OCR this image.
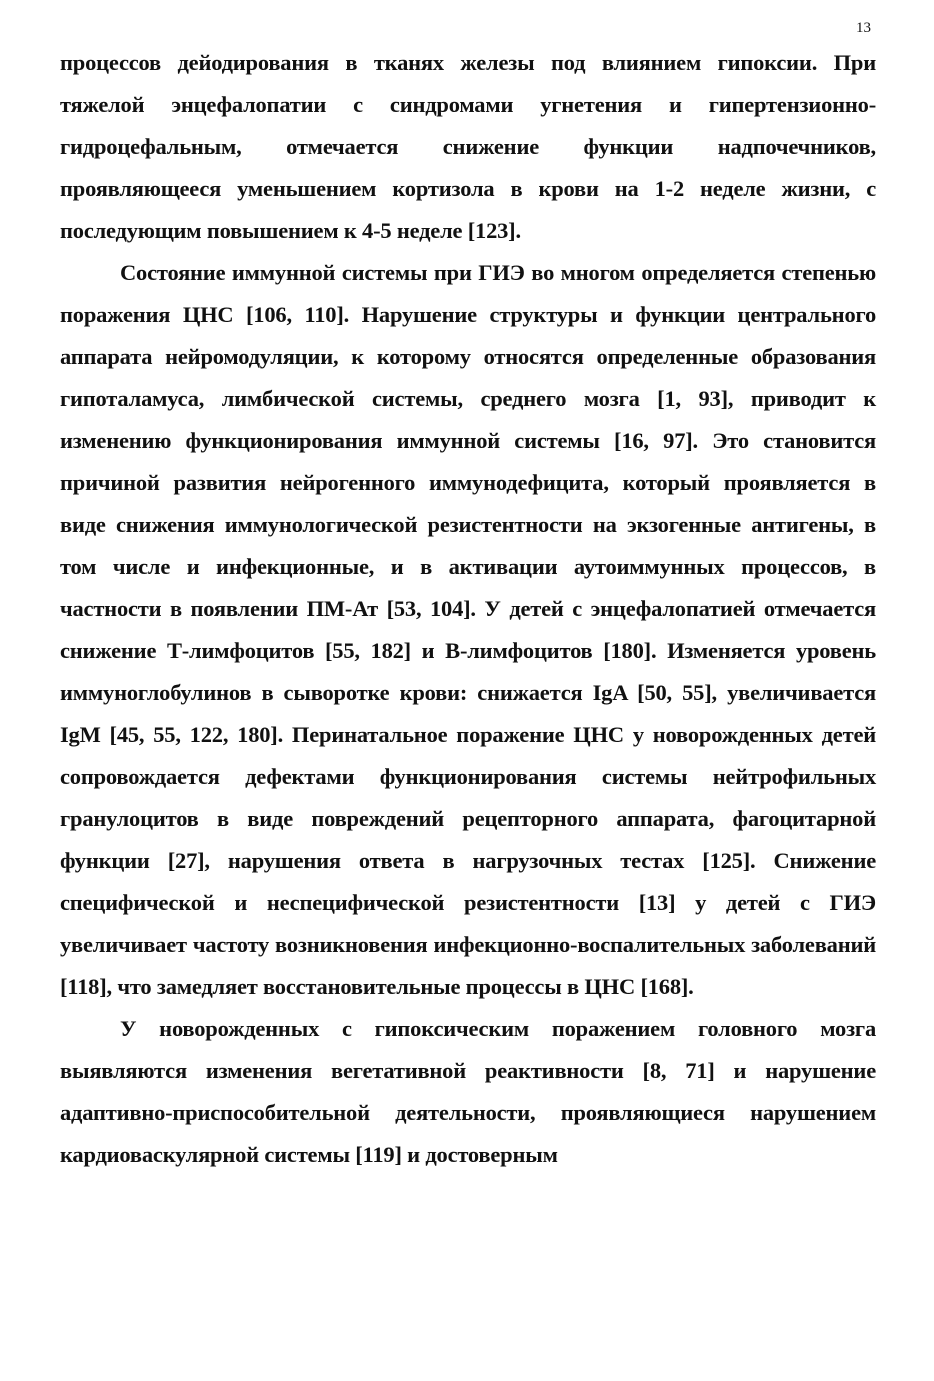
13

процессов дейодирования в тканях железы под влиянием гипоксии. При тяжелой энцефалопатии с синдромами угнетения и гипертензионно-гидроцефальным, отмечается снижение функции надпочечников, проявляющееся уменьшением кортизола в крови на 1-2 неделе жизни, с последующим повышением к 4-5 неделе [123].

Состояние иммунной системы при ГИЭ во многом определяется степенью поражения ЦНС [106, 110]. Нарушение структуры и функции центрального аппарата нейромодуляции, к которому относятся определенные образования гипоталамуса, лимбической системы, среднего мозга [1, 93], приводит к изменению функционирования иммунной системы [16, 97]. Это становится причиной развития нейрогенного иммунодефицита, который проявляется в виде снижения иммунологической резистентности на экзогенные антигены, в том числе и инфекционные, и в активации аутоиммунных процессов, в частности в появлении ПМ-Ат [53, 104]. У детей с энцефалопатией отмечается снижение Т-лимфоцитов [55, 182] и В-лимфоцитов [180]. Изменяется уровень иммуноглобулинов в сыворотке крови: снижается IgA [50, 55], увеличивается IgM [45, 55, 122, 180]. Перинатальное поражение ЦНС у новорожденных детей сопровождается дефектами функционирования системы нейтрофильных гранулоцитов в виде повреждений рецепторного аппарата, фагоцитарной функции [27], нарушения ответа в нагрузочных тестах [125]. Снижение специфической и неспецифической резистентности [13] у детей с ГИЭ увеличивает частоту возникновения инфекционно-воспалительных заболеваний [118], что замедляет восстановительные процессы в ЦНС [168].

У новорожденных с гипоксическим поражением головного мозга выявляются изменения вегетативной реактивности [8, 71] и нарушение адаптивно-приспособительной деятельности, проявляющиеся нарушением кардиоваскулярной системы [119] и достоверным
